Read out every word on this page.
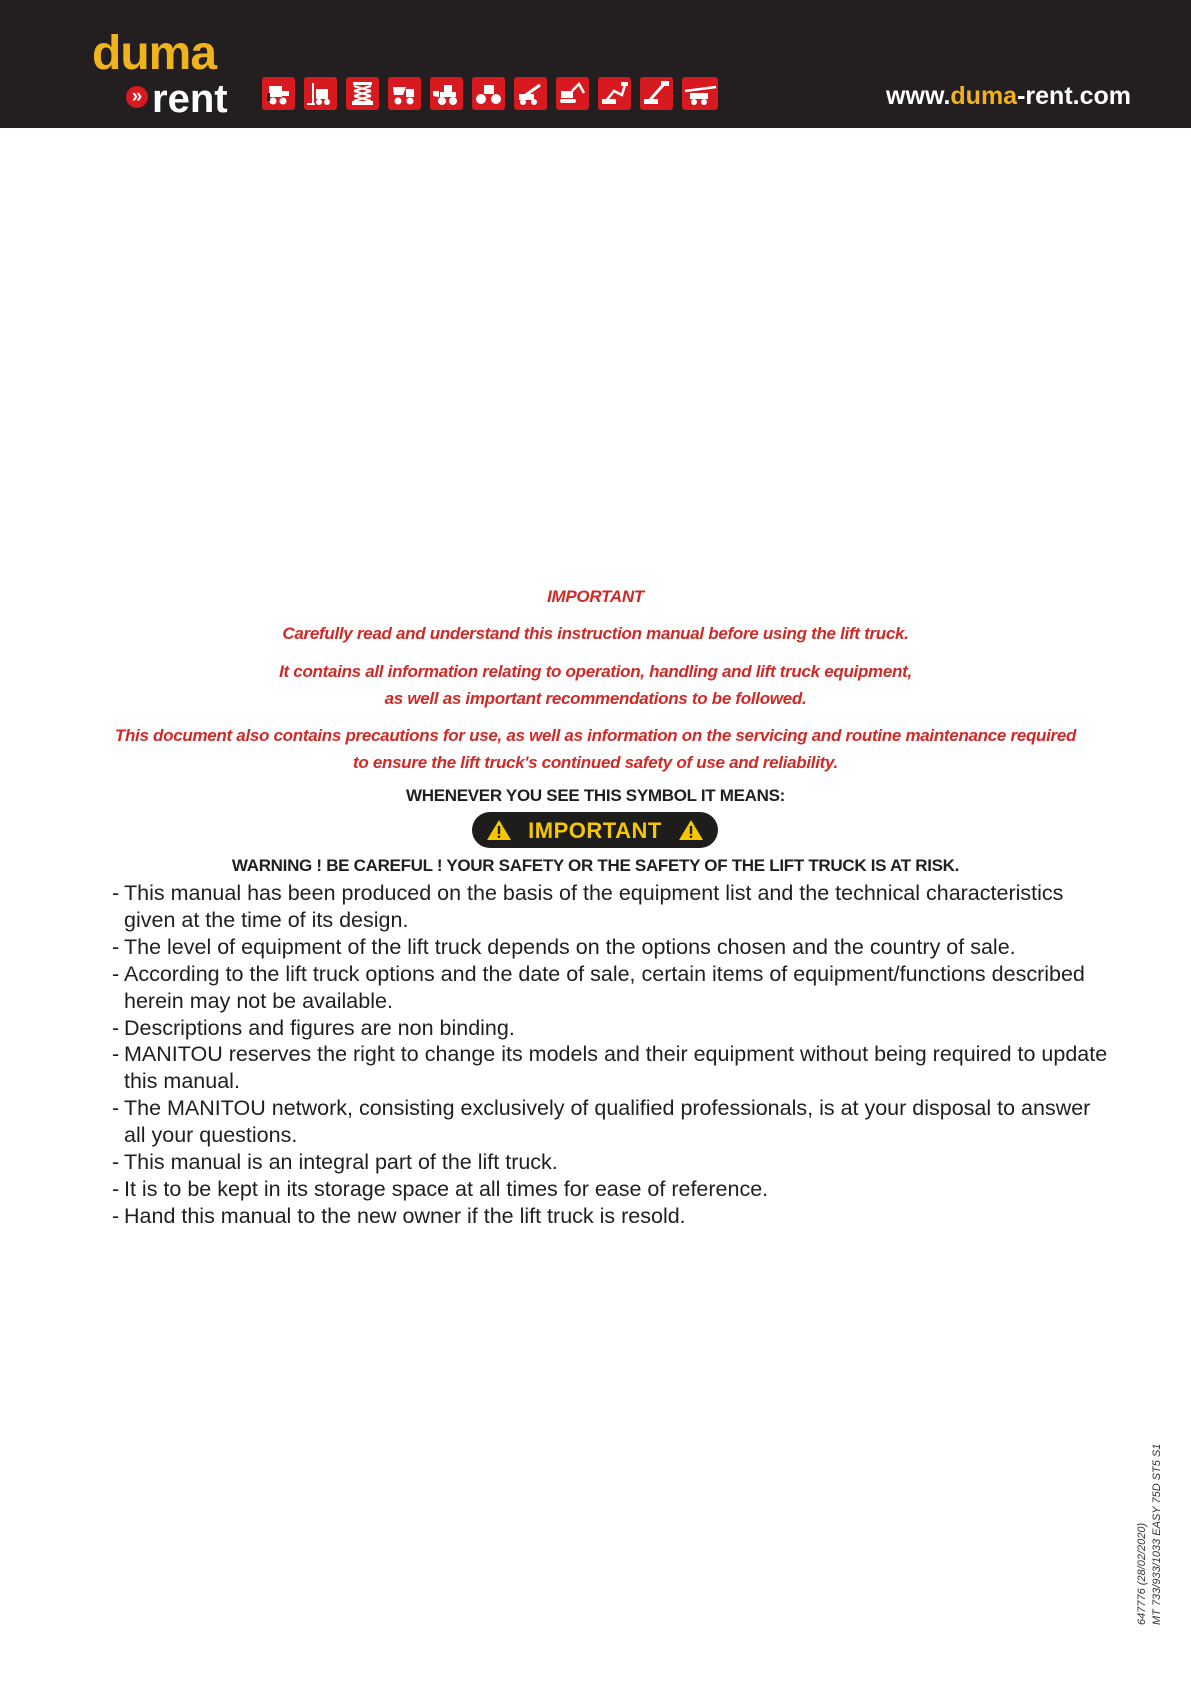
duma
» rent	www.duma-rent.com
IMPORTANT
Carefully read and understand this instruction manual before using the lift truck.
It contains all information relating to operation, handling and lift truck equipment,
as well as important recommendations to be followed.
This document also contains precautions for use, as well as information on the servicing and routine maintenance required
to ensure the lift truck's continued safety of use and reliability.
WHENEVER YOU SEE THIS SYMBOL IT MEANS:
IMPORTANT
WARNING ! BE CAREFUL ! YOUR SAFETY OR THE SAFETY OF THE LIFT TRUCK IS AT RISK.
- This manual has been produced on the basis of the equipment list and the technical characteristics given at the time of its design.
- The level of equipment of the lift truck depends on the options chosen and the country of sale.
- According to the lift truck options and the date of sale, certain items of equipment/functions described herein may not be available.
- Descriptions and figures are non binding.
- MANITOU reserves the right to change its models and their equipment without being required to update this manual.
- The MANITOU network, consisting exclusively of qualified professionals, is at your disposal to answer all your questions.
- This manual is an integral part of the lift truck.
- It is to be kept in its storage space at all times for ease of reference.
- Hand this manual to the new owner if the lift truck is resold.
647776 (28/02/2020) MT 733/933/1033 EASY 75D ST5 S1
